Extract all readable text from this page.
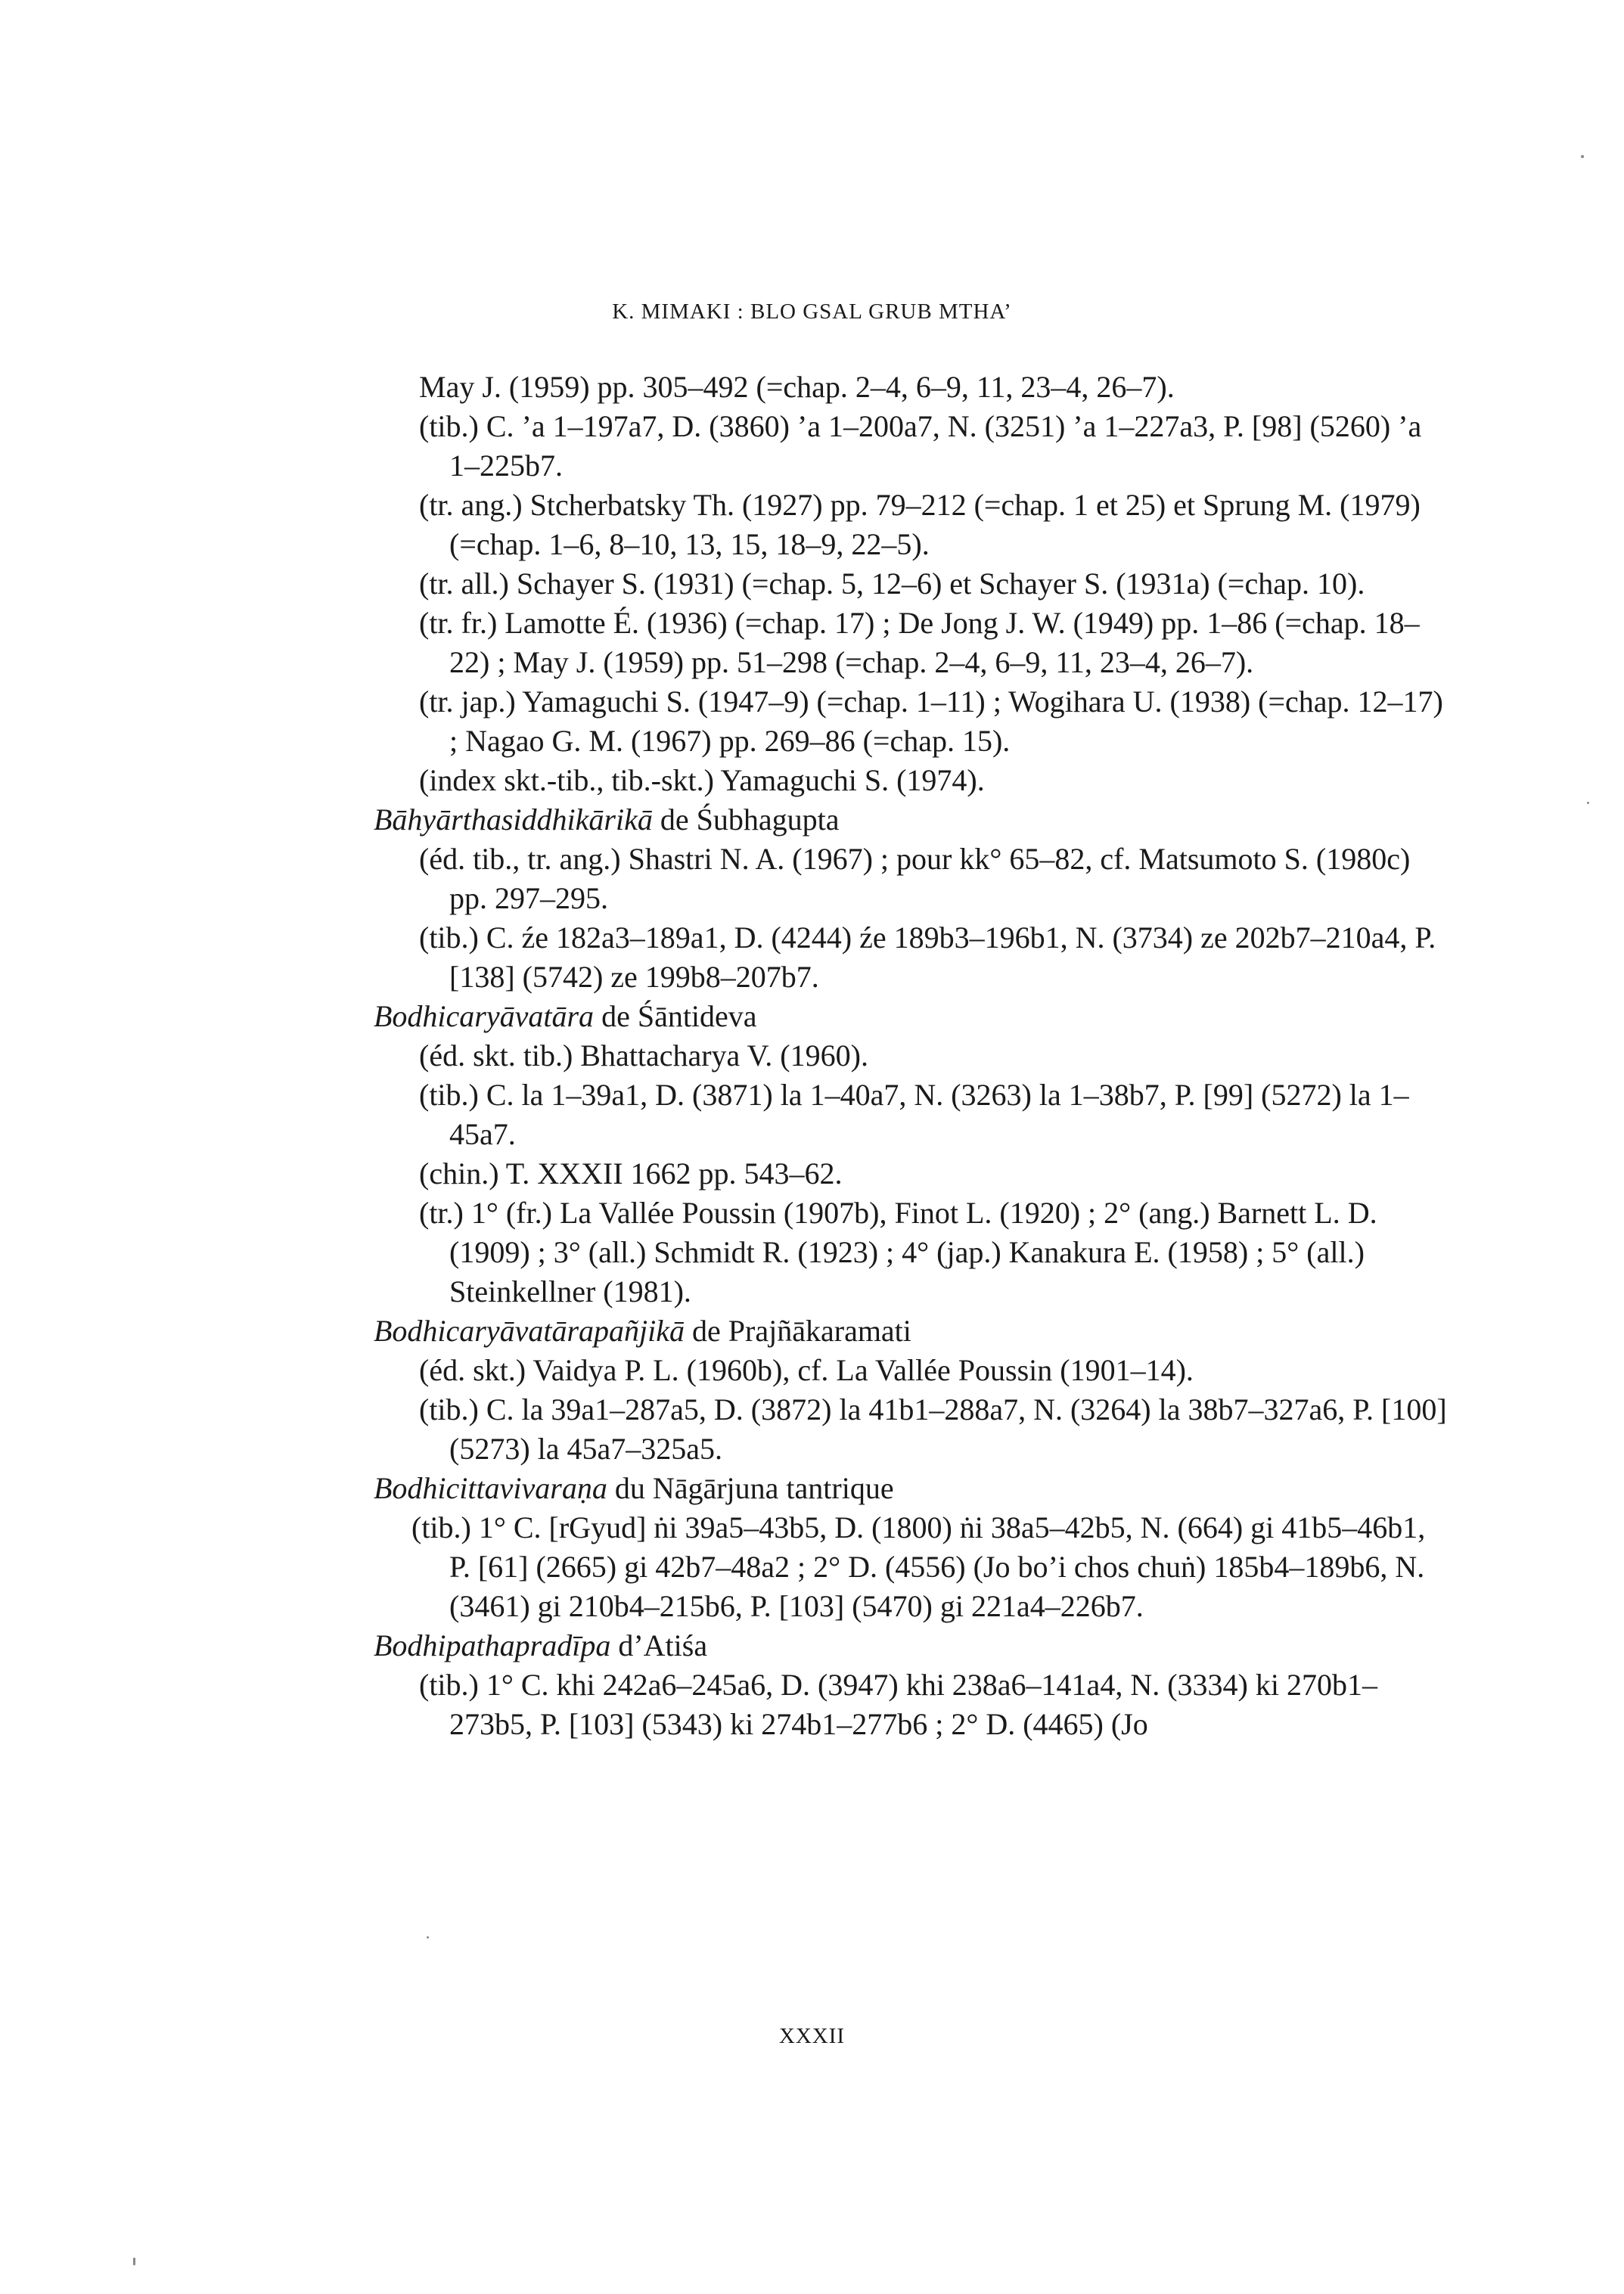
K. MIMAKI : BLO GSAL GRUB MTHA’

May J. (1959) pp. 305–492 (=chap. 2–4, 6–9, 11, 23–4, 26–7).

(tib.) C. ’a 1–197a7, D. (3860) ’a 1–200a7, N. (3251) ’a 1–227a3, P. [98] (5260) ’a 1–225b7.

(tr. ang.) Stcherbatsky Th. (1927) pp. 79–212 (=chap. 1 et 25) et Sprung M. (1979) (=chap. 1–6, 8–10, 13, 15, 18–9, 22–5).

(tr. all.) Schayer S. (1931) (=chap. 5, 12–6) et Schayer S. (1931a) (=chap. 10).

(tr. fr.) Lamotte É. (1936) (=chap. 17) ; De Jong J. W. (1949) pp. 1–86 (=chap. 18–22) ; May J. (1959) pp. 51–298 (=chap. 2–4, 6–9, 11, 23–4, 26–7).

(tr. jap.) Yamaguchi S. (1947–9) (=chap. 1–11) ; Wogihara U. (1938) (=chap. 12–17) ; Nagao G. M. (1967) pp. 269–86 (=chap. 15).

(index skt.-tib., tib.-skt.) Yamaguchi S. (1974).

Bāhyārthasiddhikārikā de Śubhagupta

(éd. tib., tr. ang.) Shastri N. A. (1967) ; pour kk° 65–82, cf. Matsumoto S. (1980c) pp. 297–295.

(tib.) C. źe 182a3–189a1, D. (4244) źe 189b3–196b1, N. (3734) ze 202b7–210a4, P. [138] (5742) ze 199b8–207b7.

Bodhicaryāvatāra de Śāntideva

(éd. skt. tib.) Bhattacharya V. (1960).

(tib.) C. la 1–39a1, D. (3871) la 1–40a7, N. (3263) la 1–38b7, P. [99] (5272) la 1–45a7.

(chin.) T. XXXII 1662 pp. 543–62.

(tr.) 1° (fr.) La Vallée Poussin (1907b), Finot L. (1920) ; 2° (ang.) Barnett L. D. (1909) ; 3° (all.) Schmidt R. (1923) ; 4° (jap.) Kanakura E. (1958) ; 5° (all.) Steinkellner (1981).

Bodhicaryāvatārapañjikā de Prajñākaramati

(éd. skt.) Vaidya P. L. (1960b), cf. La Vallée Poussin (1901–14).

(tib.) C. la 39a1–287a5, D. (3872) la 41b1–288a7, N. (3264) la 38b7–327a6, P. [100] (5273) la 45a7–325a5.

Bodhicittavivaraṇa du Nāgārjuna tantrique

(tib.) 1° C. [rGyud] ṅi 39a5–43b5, D. (1800) ṅi 38a5–42b5, N. (664) gi 41b5–46b1, P. [61] (2665) gi 42b7–48a2 ; 2° D. (4556) (Jo bo’i chos chuṅ) 185b4–189b6, N. (3461) gi 210b4–215b6, P. [103] (5470) gi 221a4–226b7.

Bodhipathapradīpa d’Atiśa

(tib.) 1° C. khi 242a6–245a6, D. (3947) khi 238a6–141a4, N. (3334) ki 270b1–273b5, P. [103] (5343) ki 274b1–277b6 ; 2° D. (4465) (Jo

XXXII
